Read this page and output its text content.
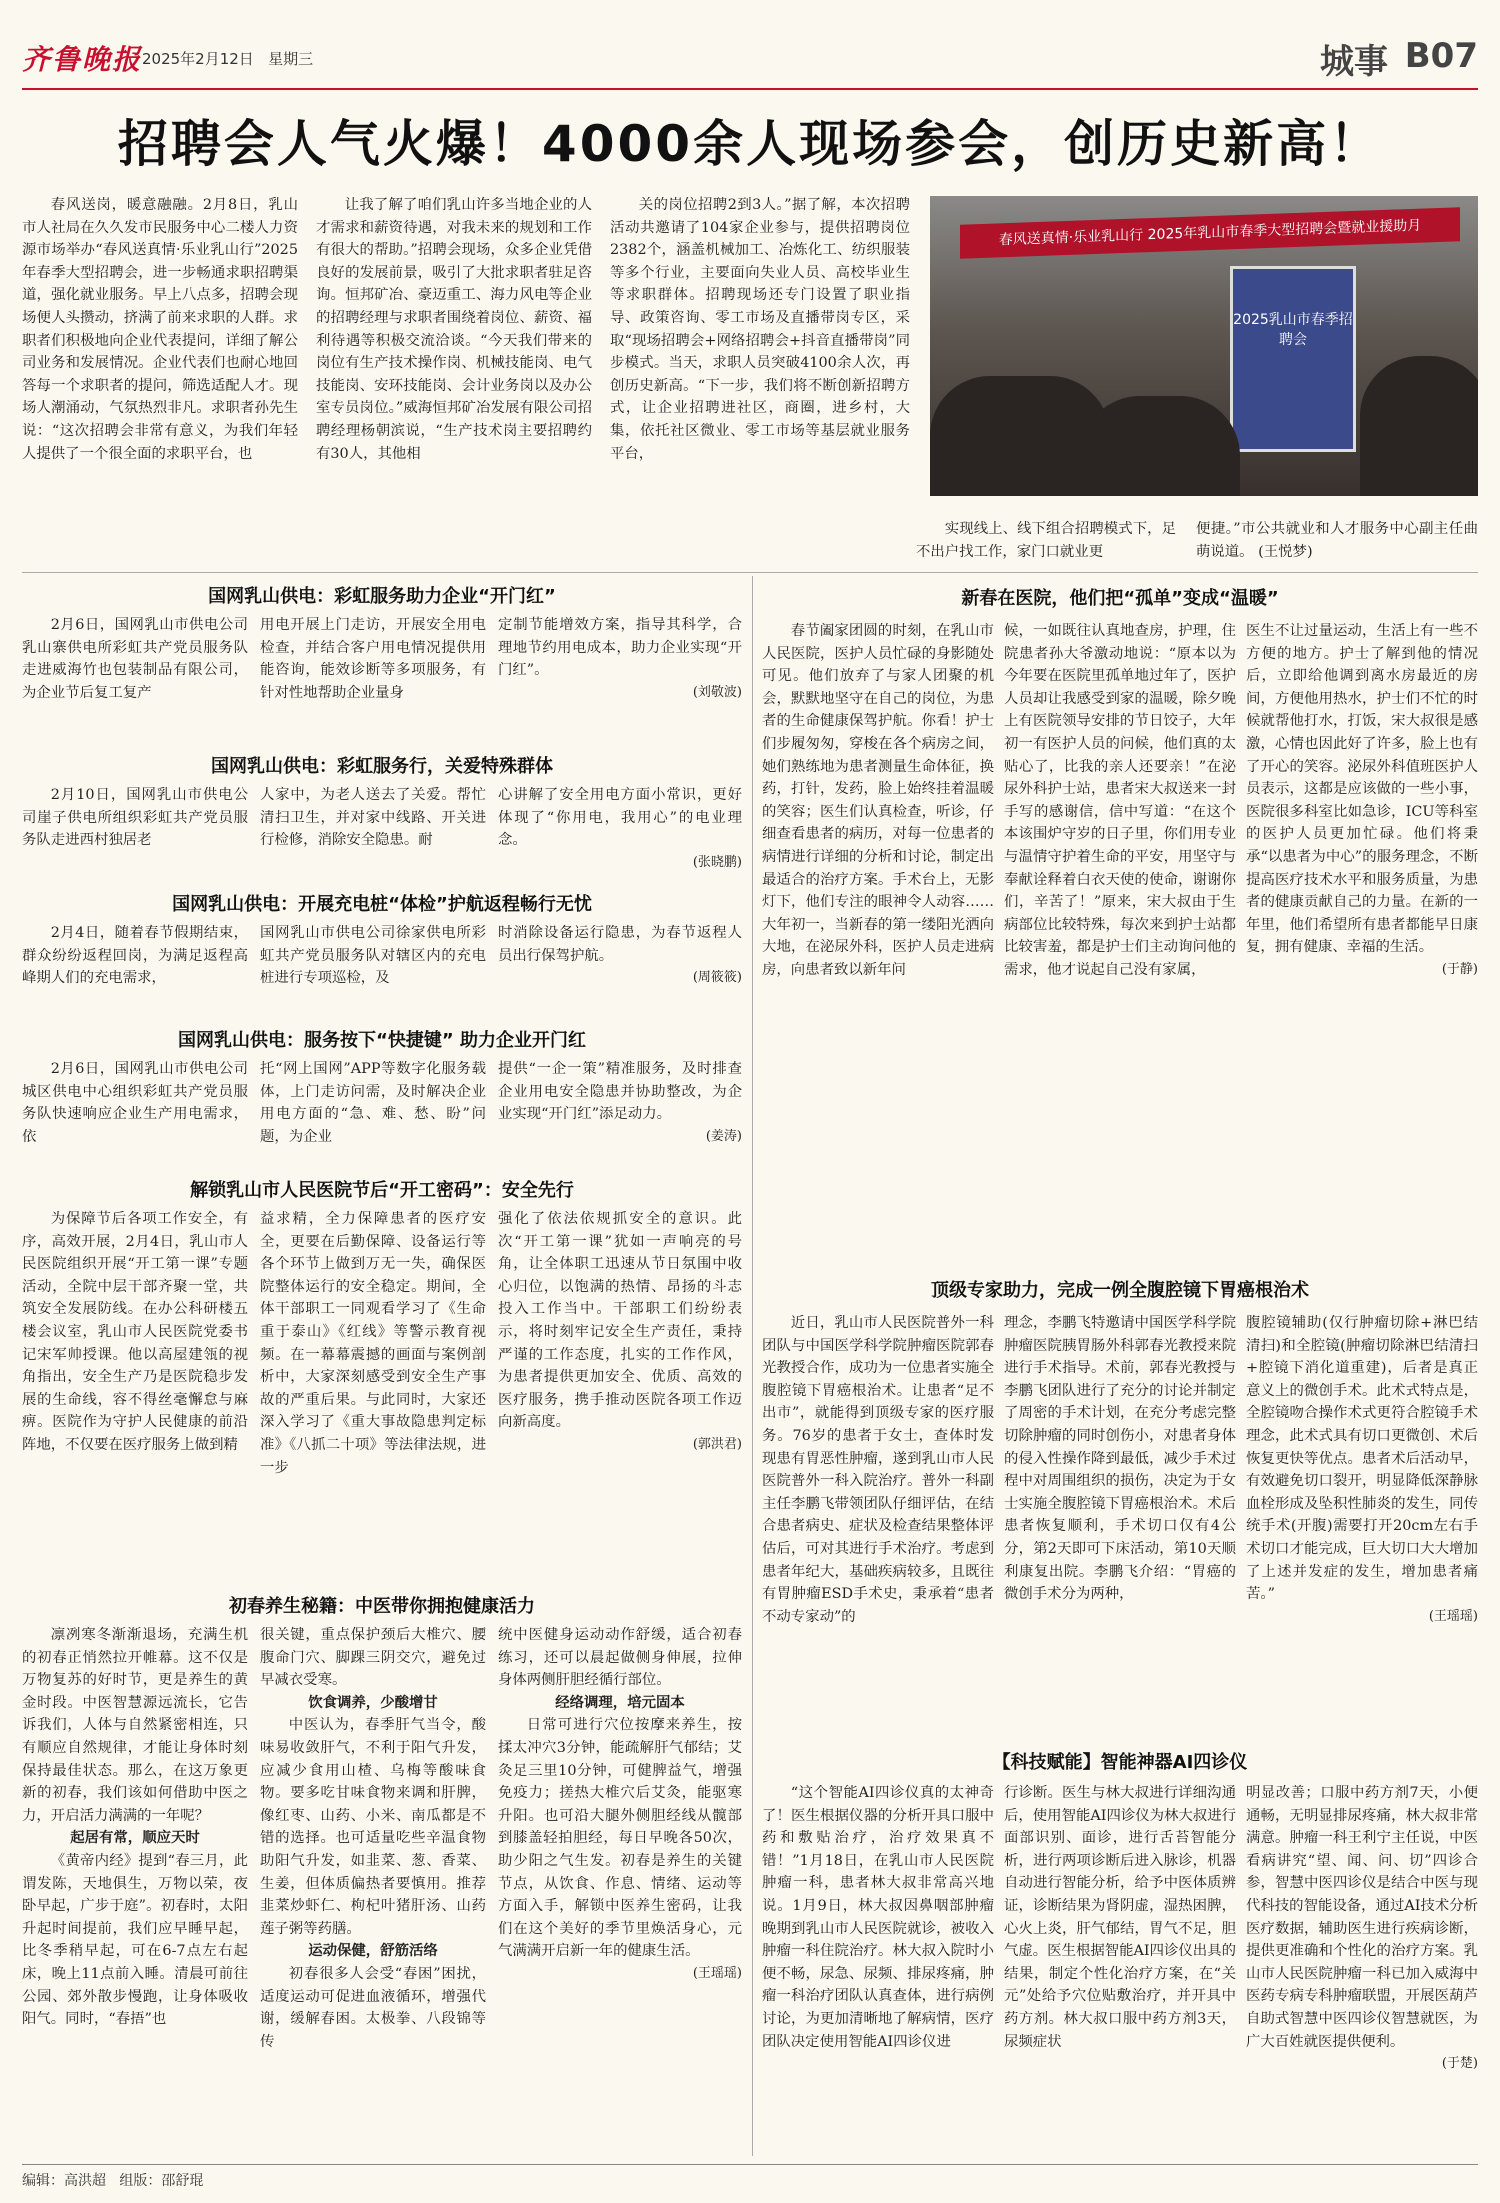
齐鲁晚报 2025年2月12日 星期三	城事 B07
招聘会人气火爆！4000余人现场参会，创历史新高！

春风送岗，暖意融融。2月8日，乳山市人社局在久久发市民服务中心二楼人力资源市场举办“春风送真情·乐业乳山行”2025年春季大型招聘会，进一步畅通求职招聘渠道，强化就业服务。早上八点多，招聘会现场便人头攒动，挤满了前来求职的人群。求职者们积极地向企业代表提问，详细了解公司业务和发展情况。企业代表们也耐心地回答每一个求职者的提问，筛选适配人才。现场人潮涌动，气氛热烈非凡。求职者孙先生说：“这次招聘会非常有意义，为我们年轻人提供了一个很全面的求职平台，也

让我了解了咱们乳山许多当地企业的人才需求和薪资待遇，对我未来的规划和工作有很大的帮助。”招聘会现场，众多企业凭借良好的发展前景，吸引了大批求职者驻足咨询。恒邦矿冶、豪迈重工、海力风电等企业的招聘经理与求职者围绕着岗位、薪资、福利待遇等积极交流洽谈。“今天我们带来的岗位有生产技术操作岗、机械技能岗、电气技能岗、安环技能岗、会计业务岗以及办公室专员岗位。”威海恒邦矿冶发展有限公司招聘经理杨朝滨说，“生产技术岗主要招聘约有30人，其他相

关的岗位招聘2到3人。”据了解，本次招聘活动共邀请了104家企业参与，提供招聘岗位2382个，涵盖机械加工、冶炼化工、纺织服装等多个行业，主要面向失业人员、高校毕业生等求职群体。招聘现场还专门设置了职业指导、政策咨询、零工市场及直播带岗专区，采取“现场招聘会+网络招聘会+抖音直播带岗”同步模式。当天，求职人员突破4100余人次，再创历史新高。“下一步，我们将不断创新招聘方式，让企业招聘进社区，商圈，进乡村，大集，依托社区微业、零工市场等基层就业服务平台，

实现线上、线下组合招聘模式下，足不出户找工作，家门口就业更

便捷。”市公共就业和人才服务中心副主任曲萌说道。 (王悦梦)
春风送真情·乐业乳山行 2025年乳山市春季大型招聘会暨就业援助月
2025乳山市春季招聘会
国网乳山供电：彩虹服务助力企业“开门红”

2月6日，国网乳山市供电公司乳山寨供电所彩虹共产党员服务队走进威海竹也包装制品有限公司，为企业节后复工复产

用电开展上门走访，开展安全用电检查，并结合客户用电情况提供用能咨询，能效诊断等多项服务，有针对性地帮助企业量身

定制节能增效方案，指导其科学，合理地节约用电成本，助力企业实现“开门红”。

(刘敬波)
国网乳山供电：彩虹服务行，关爱特殊群体

2月10日，国网乳山市供电公司崖子供电所组织彩虹共产党员服务队走进西村独居老

人家中，为老人送去了关爱。帮忙清扫卫生，并对家中线路、开关进行检修，消除安全隐患。耐

心讲解了安全用电方面小常识，更好体现了“你用电，我用心”的电业理念。

(张晓鹏)
国网乳山供电：开展充电桩“体检”护航返程畅行无忧

2月4日，随着春节假期结束，群众纷纷返程回岗，为满足返程高峰期人们的充电需求，

国网乳山市供电公司徐家供电所彩虹共产党员服务队对辖区内的充电桩进行专项巡检，及

时消除设备运行隐患，为春节返程人员出行保驾护航。

(周筱筱)
国网乳山供电：服务按下“快捷键” 助力企业开门红

2月6日，国网乳山市供电公司城区供电中心组织彩虹共产党员服务队快速响应企业生产用电需求，依

托“网上国网”APP等数字化服务载体，上门走访问需，及时解决企业用电方面的“急、难、愁、盼”问题，为企业

提供“一企一策”精准服务，及时排查企业用电安全隐患并协助整改，为企业实现“开门红”添足动力。

(姜涛)
解锁乳山市人民医院节后“开工密码”：安全先行

为保障节后各项工作安全，有序，高效开展，2月4日，乳山市人民医院组织开展“开工第一课”专题活动，全院中层干部齐聚一堂，共筑安全发展防线。在办公科研楼五楼会议室，乳山市人民医院党委书记宋军帅授课。他以高屋建瓴的视角指出，安全生产乃是医院稳步发展的生命线，容不得丝毫懈怠与麻痹。医院作为守护人民健康的前沿阵地，不仅要在医疗服务上做到精

益求精，全力保障患者的医疗安全，更要在后勤保障、设备运行等各个环节上做到万无一失，确保医院整体运行的安全稳定。期间，全体干部职工一同观看学习了《生命重于泰山》《红线》等警示教育视频。在一幕幕震撼的画面与案例剖析中，大家深刻感受到安全生产事故的严重后果。与此同时，大家还深入学习了《重大事故隐患判定标准》《八抓二十项》等法律法规，进一步

强化了依法依规抓安全的意识。此次“开工第一课”犹如一声响亮的号角，让全体职工迅速从节日氛围中收心归位，以饱满的热情、昂扬的斗志投入工作当中。干部职工们纷纷表示，将时刻牢记安全生产责任，秉持严谨的工作态度，扎实的工作作风，为患者提供更加安全、优质、高效的医疗服务，携手推动医院各项工作迈向新高度。

(郭洪君)
初春养生秘籍：中医带你拥抱健康活力

凛冽寒冬渐渐退场，充满生机的初春正悄然拉开帷幕。这不仅是万物复苏的好时节，更是养生的黄金时段。中医智慧源远流长，它告诉我们，人体与自然紧密相连，只有顺应自然规律，才能让身体时刻保持最佳状态。那么，在这万象更新的初春，我们该如何借助中医之力，开启活力满满的一年呢？

起居有常，顺应天时

《黄帝内经》提到“春三月，此谓发陈，天地俱生，万物以荣，夜卧早起，广步于庭”。初春时，太阳升起时间提前，我们应早睡早起，比冬季稍早起，可在6-7点左右起床，晚上11点前入睡。清晨可前往公园、郊外散步慢跑，让身体吸收阳气。同时，“春捂”也

很关键，重点保护颈后大椎穴、腰腹命门穴、脚踝三阴交穴，避免过早减衣受寒。

饮食调养，少酸增甘

中医认为，春季肝气当令，酸味易收敛肝气，不利于阳气升发，应减少食用山楂、乌梅等酸味食物。要多吃甘味食物来调和肝脾，像红枣、山药、小米、南瓜都是不错的选择。也可适量吃些辛温食物助阳气升发，如韭菜、葱、香菜、生姜，但体质偏热者要慎用。推荐韭菜炒虾仁、枸杞叶猪肝汤、山药莲子粥等药膳。

运动保健，舒筋活络

初春很多人会受“春困”困扰，适度运动可促进血液循环，增强代谢，缓解春困。太极拳、八段锦等传

统中医健身运动动作舒缓，适合初春练习，还可以晨起做侧身伸展，拉伸身体两侧肝胆经循行部位。

经络调理，培元固本

日常可进行穴位按摩来养生，按揉太冲穴3分钟，能疏解肝气郁结；艾灸足三里10分钟，可健脾益气，增强免疫力；搓热大椎穴后艾灸，能驱寒升阳。也可沿大腿外侧胆经线从髋部到膝盖轻拍胆经，每日早晚各50次，助少阳之气生发。初春是养生的关键节点，从饮食、作息、情绪、运动等方面入手，解锁中医养生密码，让我们在这个美好的季节里焕活身心，元气满满开启新一年的健康生活。

(王瑶瑶)
新春在医院，他们把“孤单”变成“温暖”

春节阖家团圆的时刻，在乳山市人民医院，医护人员忙碌的身影随处可见。他们放弃了与家人团聚的机会，默默地坚守在自己的岗位，为患者的生命健康保驾护航。你看！护士们步履匆匆，穿梭在各个病房之间，她们熟练地为患者测量生命体征，换药，打针，发药，脸上始终挂着温暖的笑容；医生们认真检查，听诊，仔细查看患者的病历，对每一位患者的病情进行详细的分析和讨论，制定出最适合的治疗方案。手术台上，无影灯下，他们专注的眼神令人动容……大年初一，当新春的第一缕阳光洒向大地，在泌尿外科，医护人员走进病房，向患者致以新年问

候，一如既往认真地查房，护理，住院患者孙大爷激动地说：“原本以为今年要在医院里孤单地过年了，医护人员却让我感受到家的温暖，除夕晚上有医院领导安排的节日饺子，大年初一有医护人员的问候，他们真的太贴心了，比我的亲人还要亲！”在泌尿外科护士站，患者宋大叔送来一封手写的感谢信，信中写道：“在这个本该围炉守岁的日子里，你们用专业与温情守护着生命的平安，用坚守与奉献诠释着白衣天使的使命，谢谢你们，辛苦了！”原来，宋大叔由于生病部位比较特殊，每次来到护士站都比较害羞，都是护士们主动询问他的需求，他才说起自己没有家属，

医生不让过量运动，生活上有一些不方便的地方。护士了解到他的情况后，立即给他调到离水房最近的房间，方便他用热水，护士们不忙的时候就帮他打水，打饭，宋大叔很是感激，心情也因此好了许多，脸上也有了开心的笑容。泌尿外科值班医护人员表示，这都是应该做的一些小事，医院很多科室比如急诊，ICU等科室的医护人员更加忙碌。他们将秉承“以患者为中心”的服务理念，不断提高医疗技术水平和服务质量，为患者的健康贡献自己的力量。在新的一年里，他们希望所有患者都能早日康复，拥有健康、幸福的生活。

(于静)
顶级专家助力，完成一例全腹腔镜下胃癌根治术

近日，乳山市人民医院普外一科团队与中国医学科学院肿瘤医院郭春光教授合作，成功为一位患者实施全腹腔镜下胃癌根治术。让患者“足不出市”，就能得到顶级专家的医疗服务。76岁的患者于女士，查体时发现患有胃恶性肿瘤，遂到乳山市人民医院普外一科入院治疗。普外一科副主任李鹏飞带领团队仔细评估，在结合患者病史、症状及检查结果整体评估后，可对其进行手术治疗。考虑到患者年纪大，基础疾病较多，且既往有胃肿瘤ESD手术史，秉承着“患者不动专家动”的

理念，李鹏飞特邀请中国医学科学院肿瘤医院胰胃肠外科郭春光教授来院进行手术指导。术前，郭春光教授与李鹏飞团队进行了充分的讨论并制定了周密的手术计划，在充分考虑完整切除肿瘤的同时创伤小，对患者身体的侵入性操作降到最低，减少手术过程中对周围组织的损伤，决定为于女士实施全腹腔镜下胃癌根治术。术后患者恢复顺利，手术切口仅有4公分，第2天即可下床活动，第10天顺利康复出院。李鹏飞介绍：“胃癌的微创手术分为两种，

腹腔镜辅助(仅行肿瘤切除+淋巴结清扫)和全腔镜(肿瘤切除淋巴结清扫+腔镜下消化道重建)，后者是真正意义上的微创手术。此术式特点是，全腔镜吻合操作术式更符合腔镜手术理念，此术式具有切口更微创、术后恢复更快等优点。患者术后活动早，有效避免切口裂开，明显降低深静脉血栓形成及坠积性肺炎的发生，同传统手术(开腹)需要打开20cm左右手术切口才能完成，巨大切口大大增加了上述并发症的发生，增加患者痛苦。”

(王瑶瑶)
【科技赋能】智能神器AI四诊仪

“这个智能AI四诊仪真的太神奇了！医生根据仪器的分析开具口服中药和敷贴治疗，治疗效果真不错！”1月18日，在乳山市人民医院肿瘤一科，患者林大叔非常高兴地说。1月9日，林大叔因鼻咽部肿瘤晚期到乳山市人民医院就诊，被收入肿瘤一科住院治疗。林大叔入院时小便不畅，尿急、尿频、排尿疼痛，肿瘤一科治疗团队认真查体，进行病例讨论，为更加清晰地了解病情，医疗团队决定使用智能AI四诊仪进

行诊断。医生与林大叔进行详细沟通后，使用智能AI四诊仪为林大叔进行面部识别、面诊，进行舌苔智能分析，进行两项诊断后进入脉诊，机器自动进行智能分析，给予中医体质辨证，诊断结果为肾阴虚，湿热困脾，心火上炎，肝气郁结，胃气不足，胆气虚。医生根据智能AI四诊仪出具的结果，制定个性化治疗方案，在“关元”处给予穴位贴敷治疗，并开具中药方剂。林大叔口服中药方剂3天，尿频症状

明显改善；口服中药方剂7天，小便通畅，无明显排尿疼痛，林大叔非常满意。肿瘤一科王利宁主任说，中医看病讲究“望、闻、问、切”四诊合参，智慧中医四诊仪是结合中医与现代科技的智能设备，通过AI技术分析医疗数据，辅助医生进行疾病诊断，提供更准确和个性化的治疗方案。乳山市人民医院肿瘤一科已加入威海中医药专病专科肿瘤联盟，开展医葫芦自助式智慧中医四诊仪智慧就医，为广大百姓就医提供便利。

(于楚)
编辑：高洪超 组版：邵舒琨
